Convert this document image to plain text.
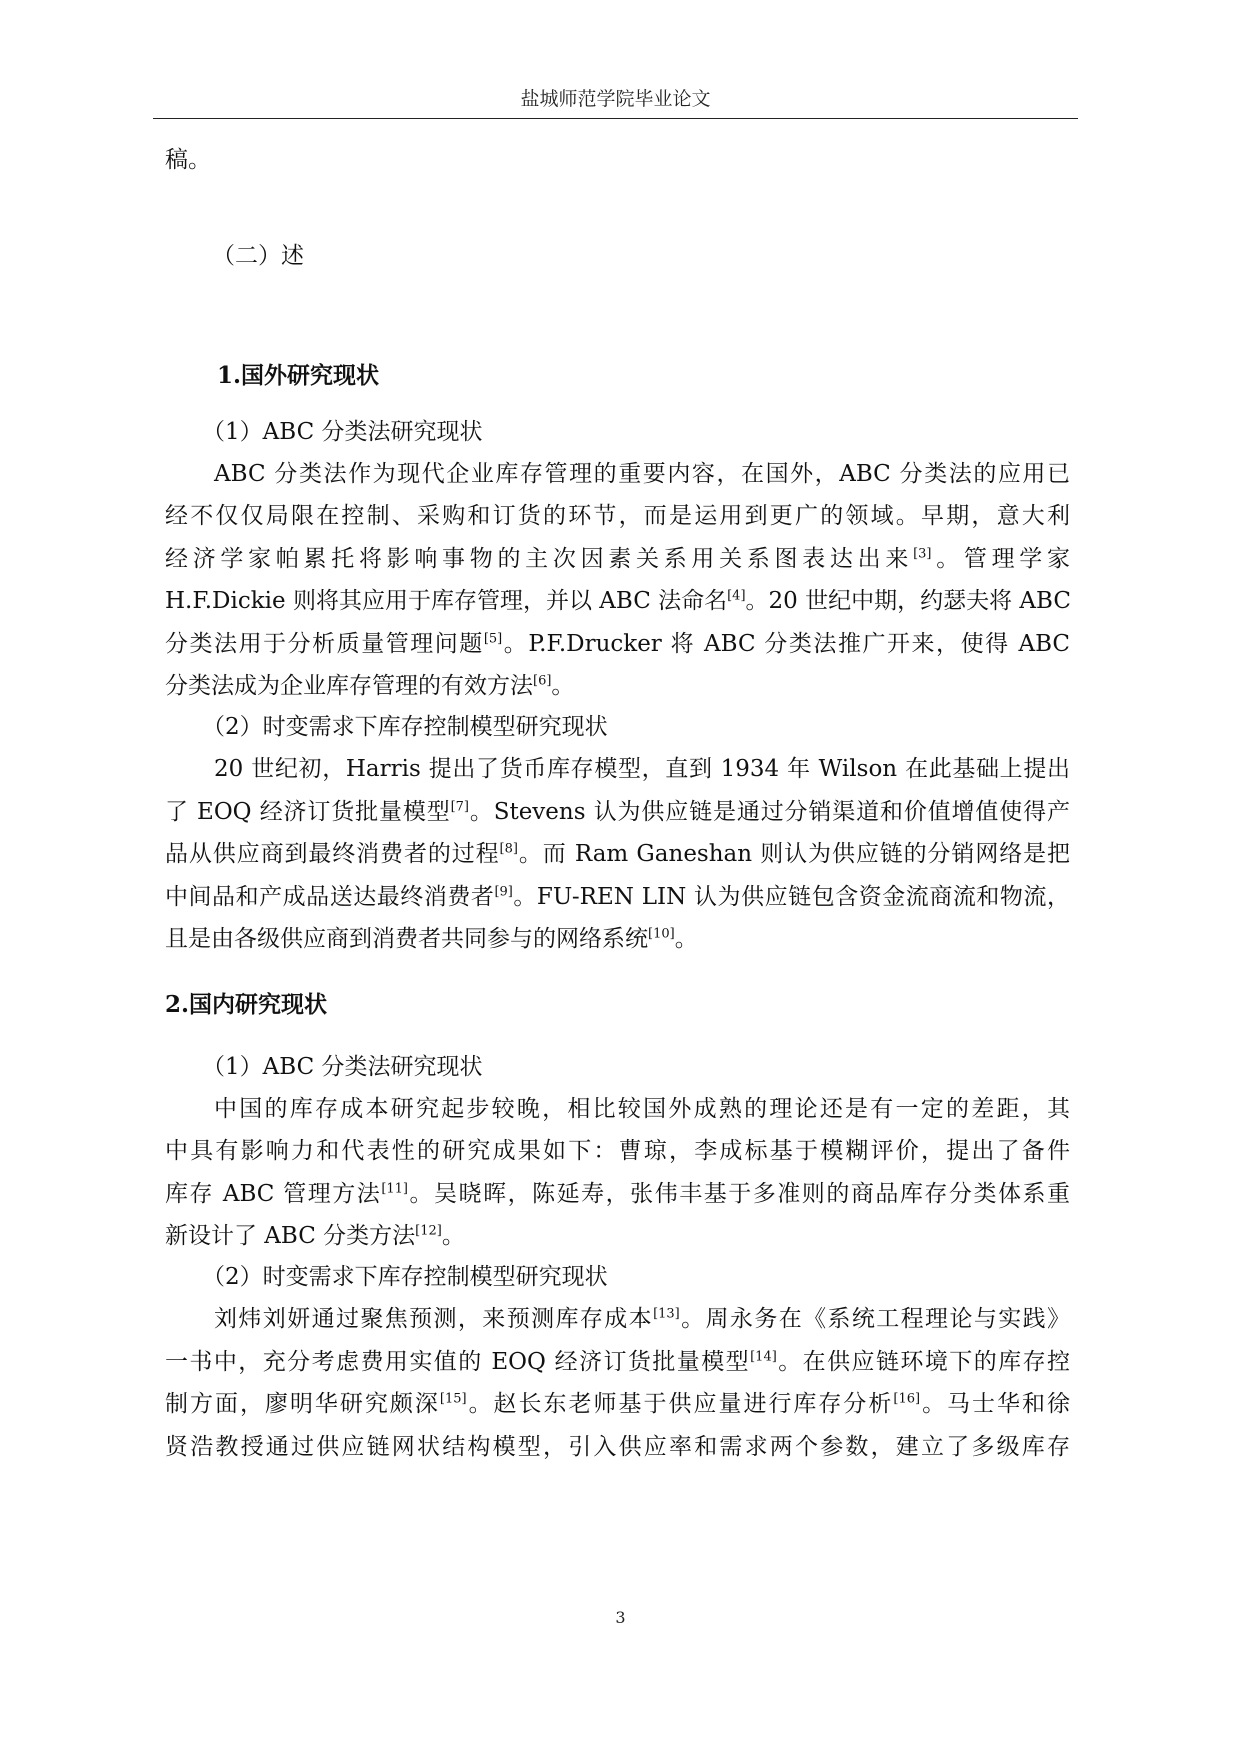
盐城师范学院毕业论文
稿。
（二）述
1.国外研究现状
（1）ABC 分类法研究现状
ABC 分类法作为现代企业库存管理的重要内容，在国外，ABC 分类法的应用已
经不仅仅局限在控制、采购和订货的环节，而是运用到更广的领域。早期，意大利
经济学家帕累托将影响事物的主次因素关系用关系图表达出来[3]。管理学家
H.F.Dickie 则将其应用于库存管理，并以 ABC 法命名[4]。20 世纪中期，约瑟夫将 ABC
分类法用于分析质量管理问题[5]。P.F.Drucker 将 ABC 分类法推广开来，使得 ABC
分类法成为企业库存管理的有效方法[6]。
（2）时变需求下库存控制模型研究现状
20 世纪初，Harris 提出了货币库存模型，直到 1934 年 Wilson 在此基础上提出
了 EOQ 经济订货批量模型[7]。Stevens 认为供应链是通过分销渠道和价值增值使得产
品从供应商到最终消费者的过程[8]。而 Ram Ganeshan 则认为供应链的分销网络是把
中间品和产成品送达最终消费者[9]。FU-REN LIN 认为供应链包含资金流商流和物流，
且是由各级供应商到消费者共同参与的网络系统[10]。
2.国内研究现状
（1）ABC 分类法研究现状
中国的库存成本研究起步较晚，相比较国外成熟的理论还是有一定的差距，其
中具有影响力和代表性的研究成果如下：曹琼，李成标基于模糊评价，提出了备件
库存 ABC 管理方法[11]。吴晓晖，陈延寿，张伟丰基于多准则的商品库存分类体系重
新设计了 ABC 分类方法[12]。
（2）时变需求下库存控制模型研究现状
刘炜刘妍通过聚焦预测，来预测库存成本[13]。周永务在《系统工程理论与实践》
一书中，充分考虑费用实值的 EOQ 经济订货批量模型[14]。在供应链环境下的库存控
制方面，廖明华研究颇深[15]。赵长东老师基于供应量进行库存分析[16]。马士华和徐
贤浩教授通过供应链网状结构模型，引入供应率和需求两个参数，建立了多级库存
3
